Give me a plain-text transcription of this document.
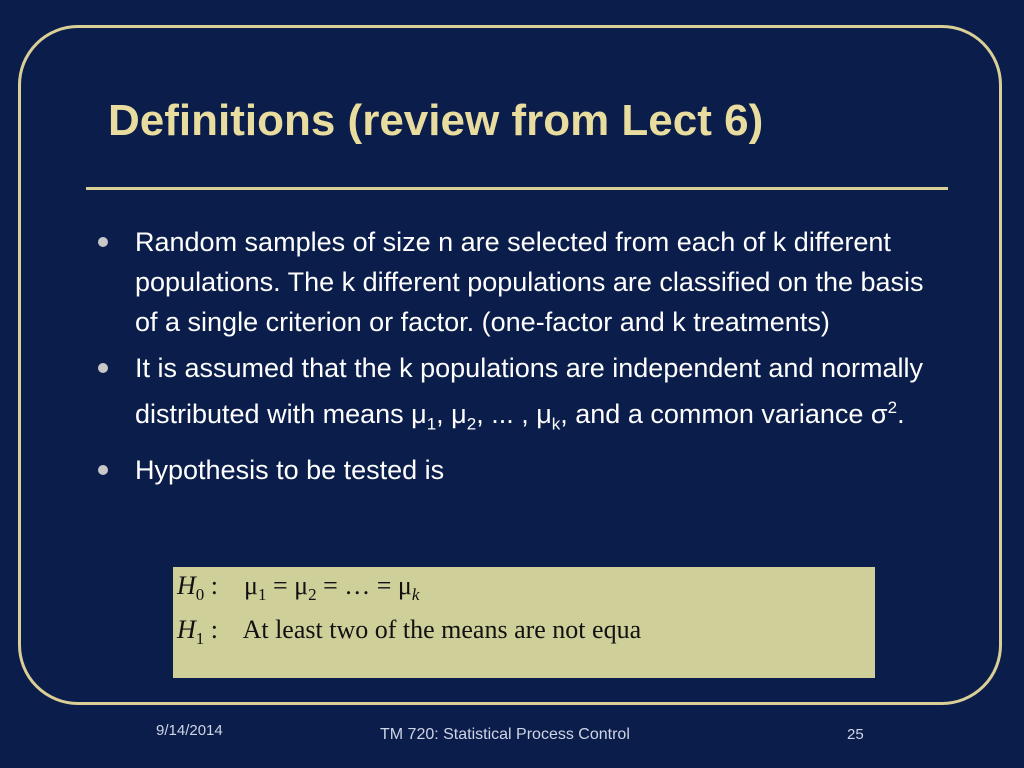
Definitions (review from Lect 6)
Random samples of size n are selected from each of k different populations. The k different populations are classified on the basis of a single criterion or factor. (one-factor and k treatments)
It is assumed that the k populations are independent and normally distributed with means $\mu_1$, $\mu_2$, ... , $\mu_k$, and a common variance $\sigma^2$.
Hypothesis to be tested is
$H_0$ :    $\mu_1 = \mu_2$ = … = $\mu_k$
$H_1$ :    At least two of the means are not equa
9/14/2014	TM 720: Statistical Process Control	25
